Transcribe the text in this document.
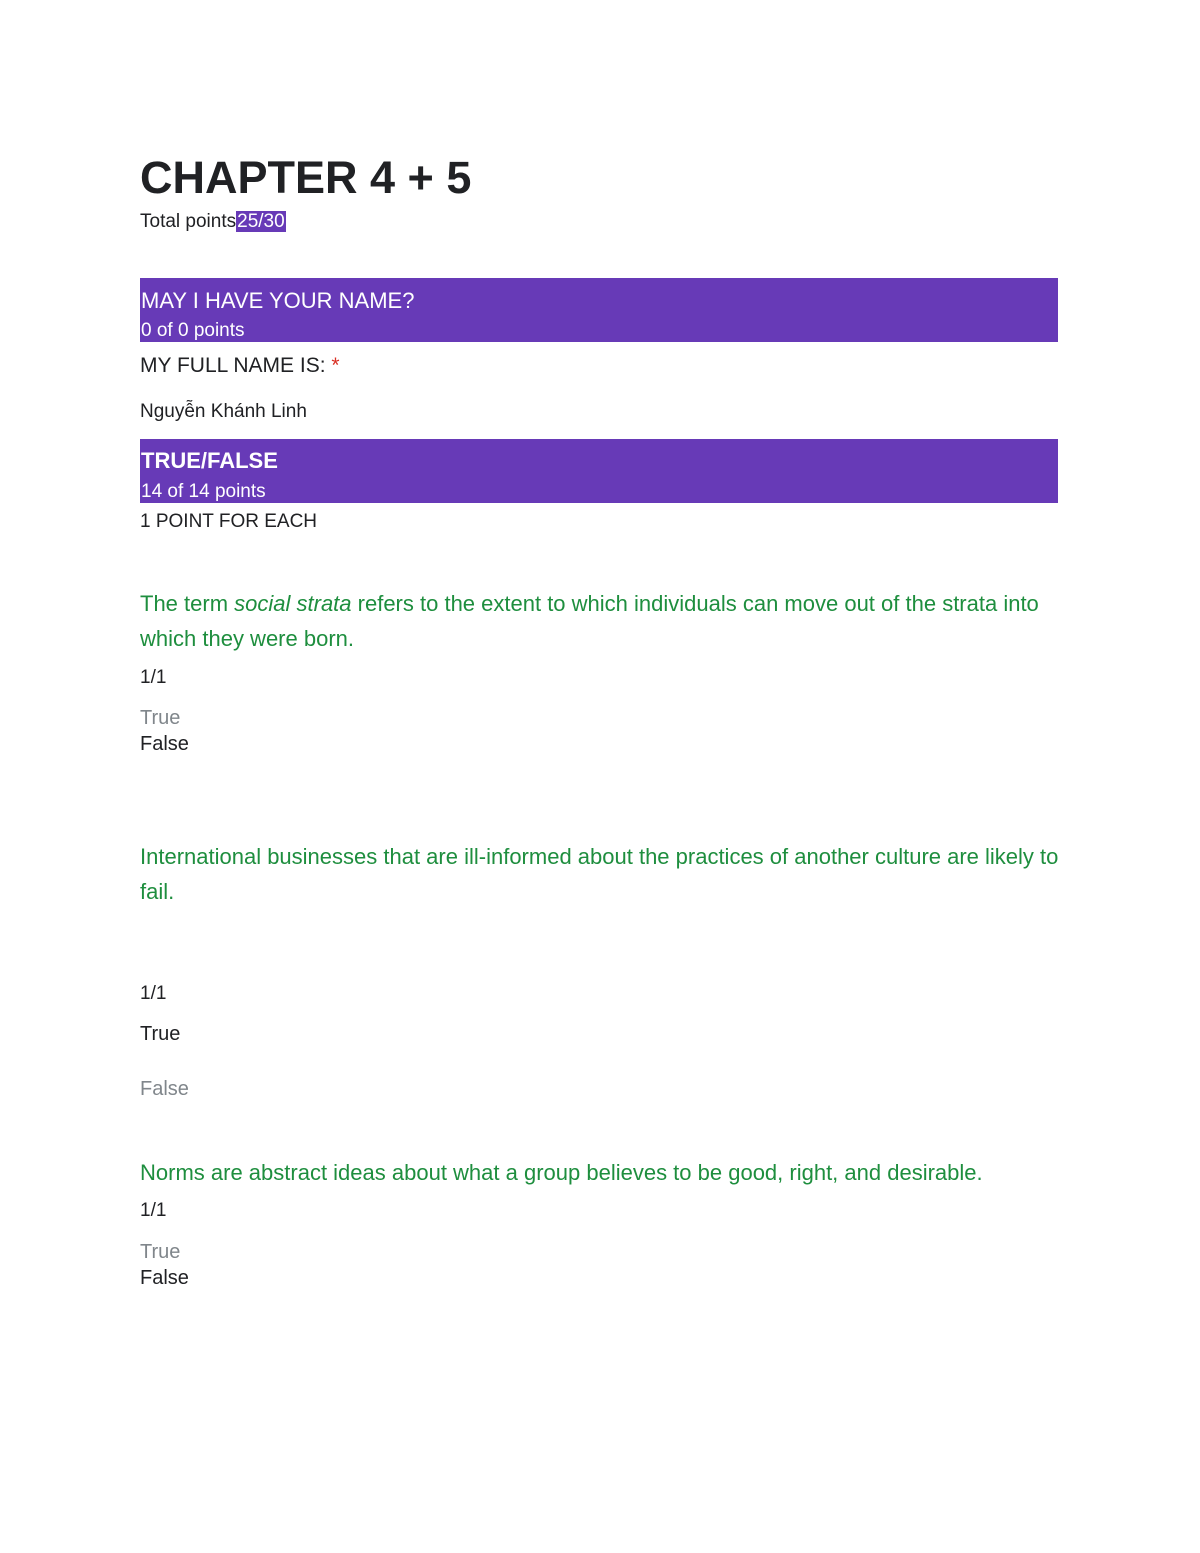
CHAPTER 4 + 5
Total points25/30
MAY I HAVE YOUR NAME?
0 of 0 points
MY FULL NAME IS: *
Nguyễn Khánh Linh
TRUE/FALSE
14 of 14 points
1 POINT FOR EACH
The term social strata refers to the extent to which individuals can move out of the strata into which they were born.
1/1
True
False
International businesses that are ill-informed about the practices of another culture are likely to fail.
1/1
True
False
Norms are abstract ideas about what a group believes to be good, right, and desirable.
1/1
True
False
